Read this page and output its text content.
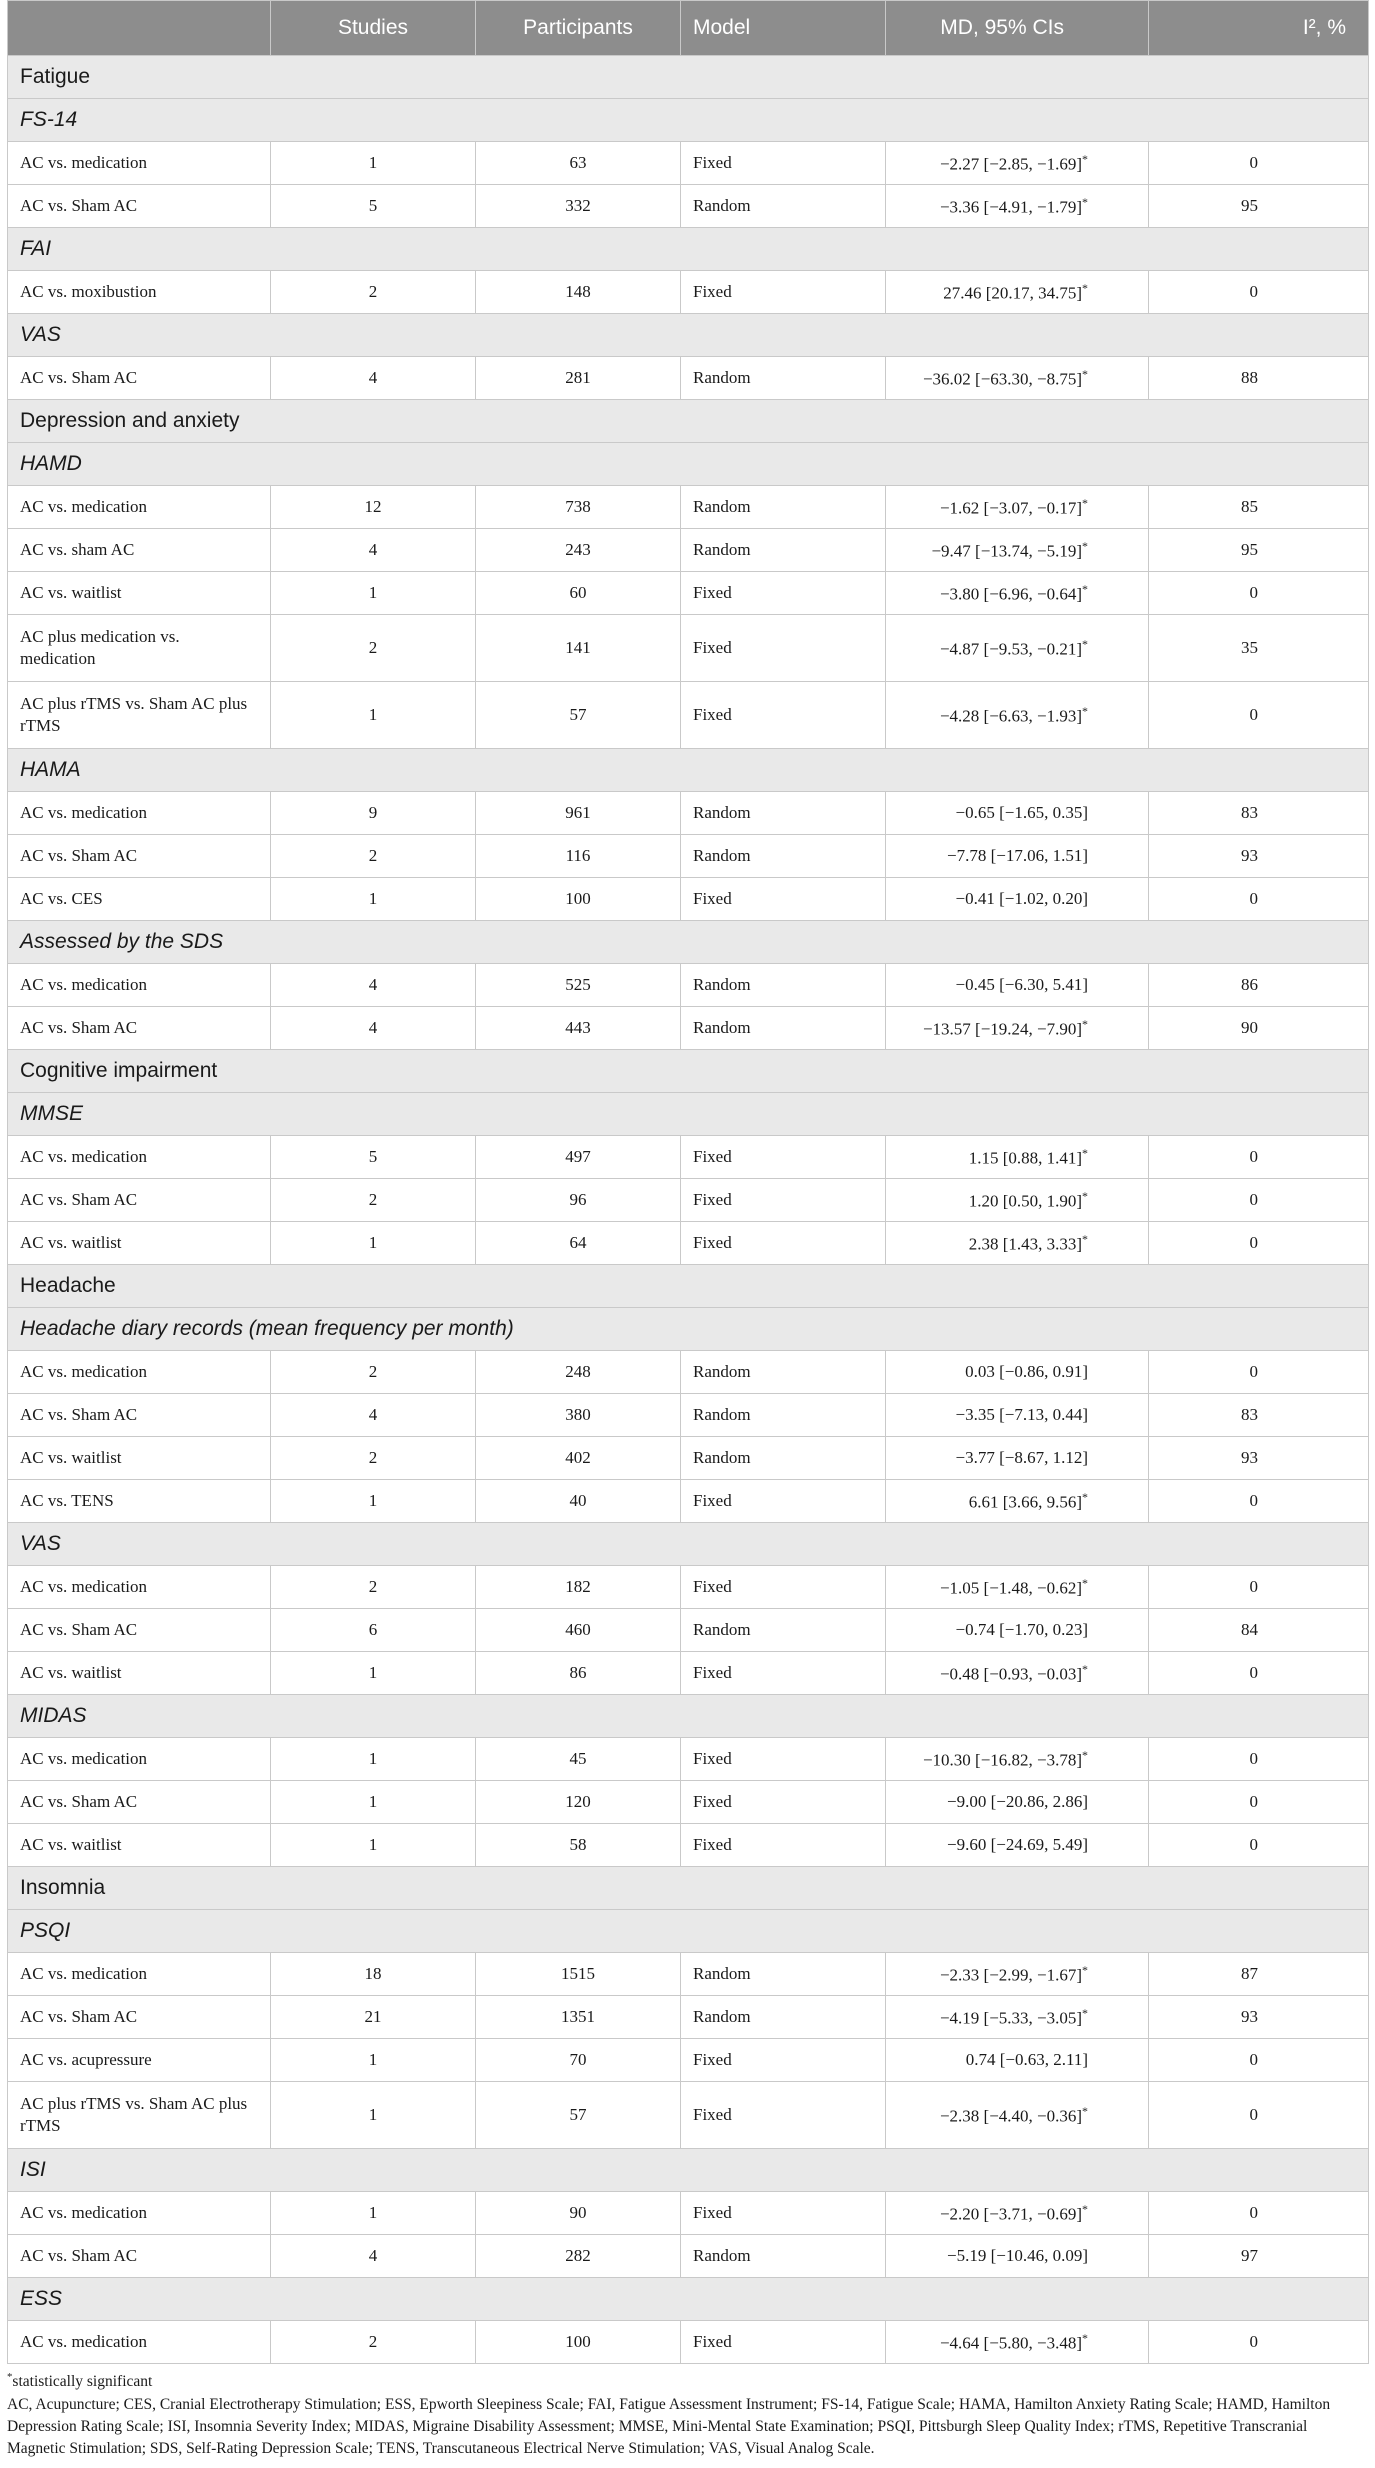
	Studies	Participants	Model	MD, 95% CIs	I², %
Fatigue					
FS-14					
AC vs. medication	1	63	Fixed	−2.27 [−2.85, −1.69]*	0
AC vs. Sham AC	5	332	Random	−3.36 [−4.91, −1.79]*	95
FAI					
AC vs. moxibustion	2	148	Fixed	27.46 [20.17, 34.75]*	0
VAS					
AC vs. Sham AC	4	281	Random	−36.02 [−63.30, −8.75]*	88
Depression and anxiety					
HAMD					
AC vs. medication	12	738	Random	−1.62 [−3.07, −0.17]*	85
AC vs. sham AC	4	243	Random	−9.47 [−13.74, −5.19]*	95
AC vs. waitlist	1	60	Fixed	−3.80 [−6.96, −0.64]*	0
AC plus medication vs. medication	2	141	Fixed	−4.87 [−9.53, −0.21]*	35
AC plus rTMS vs. Sham AC plus rTMS	1	57	Fixed	−4.28 [−6.63, −1.93]*	0
HAMA					
AC vs. medication	9	961	Random	−0.65 [−1.65, 0.35]	83
AC vs. Sham AC	2	116	Random	−7.78 [−17.06, 1.51]	93
AC vs. CES	1	100	Fixed	−0.41 [−1.02, 0.20]	0
Assessed by the SDS					
AC vs. medication	4	525	Random	−0.45 [−6.30, 5.41]	86
AC vs. Sham AC	4	443	Random	−13.57 [−19.24, −7.90]*	90
Cognitive impairment					
MMSE					
AC vs. medication	5	497	Fixed	1.15 [0.88, 1.41]*	0
AC vs. Sham AC	2	96	Fixed	1.20 [0.50, 1.90]*	0
AC vs. waitlist	1	64	Fixed	2.38 [1.43, 3.33]*	0
Headache					
Headache diary records (mean frequency per month)					
AC vs. medication	2	248	Random	0.03 [−0.86, 0.91]	0
AC vs. Sham AC	4	380	Random	−3.35 [−7.13, 0.44]	83
AC vs. waitlist	2	402	Random	−3.77 [−8.67, 1.12]	93
AC vs. TENS	1	40	Fixed	6.61 [3.66, 9.56]*	0
VAS					
AC vs. medication	2	182	Fixed	−1.05 [−1.48, −0.62]*	0
AC vs. Sham AC	6	460	Random	−0.74 [−1.70, 0.23]	84
AC vs. waitlist	1	86	Fixed	−0.48 [−0.93, −0.03]*	0
MIDAS					
AC vs. medication	1	45	Fixed	−10.30 [−16.82, −3.78]*	0
AC vs. Sham AC	1	120	Fixed	−9.00 [−20.86, 2.86]	0
AC vs. waitlist	1	58	Fixed	−9.60 [−24.69, 5.49]	0
Insomnia					
PSQI					
AC vs. medication	18	1515	Random	−2.33 [−2.99, −1.67]*	87
AC vs. Sham AC	21	1351	Random	−4.19 [−5.33, −3.05]*	93
AC vs. acupressure	1	70	Fixed	0.74 [−0.63, 2.11]	0
AC plus rTMS vs. Sham AC plus rTMS	1	57	Fixed	−2.38 [−4.40, −0.36]*	0
ISI					
AC vs. medication	1	90	Fixed	−2.20 [−3.71, −0.69]*	0
AC vs. Sham AC	4	282	Random	−5.19 [−10.46, 0.09]	97
ESS					
AC vs. medication	2	100	Fixed	−4.64 [−5.80, −3.48]*	0
*statistically significant
AC, Acupuncture; CES, Cranial Electrotherapy Stimulation; ESS, Epworth Sleepiness Scale; FAI, Fatigue Assessment Instrument; FS-14, Fatigue Scale; HAMA, Hamilton Anxiety Rating Scale; HAMD, Hamilton Depression Rating Scale; ISI, Insomnia Severity Index; MIDAS, Migraine Disability Assessment; MMSE, Mini-Mental State Examination; PSQI, Pittsburgh Sleep Quality Index; rTMS, Repetitive Transcranial Magnetic Stimulation; SDS, Self-Rating Depression Scale; TENS, Transcutaneous Electrical Nerve Stimulation; VAS, Visual Analog Scale.
